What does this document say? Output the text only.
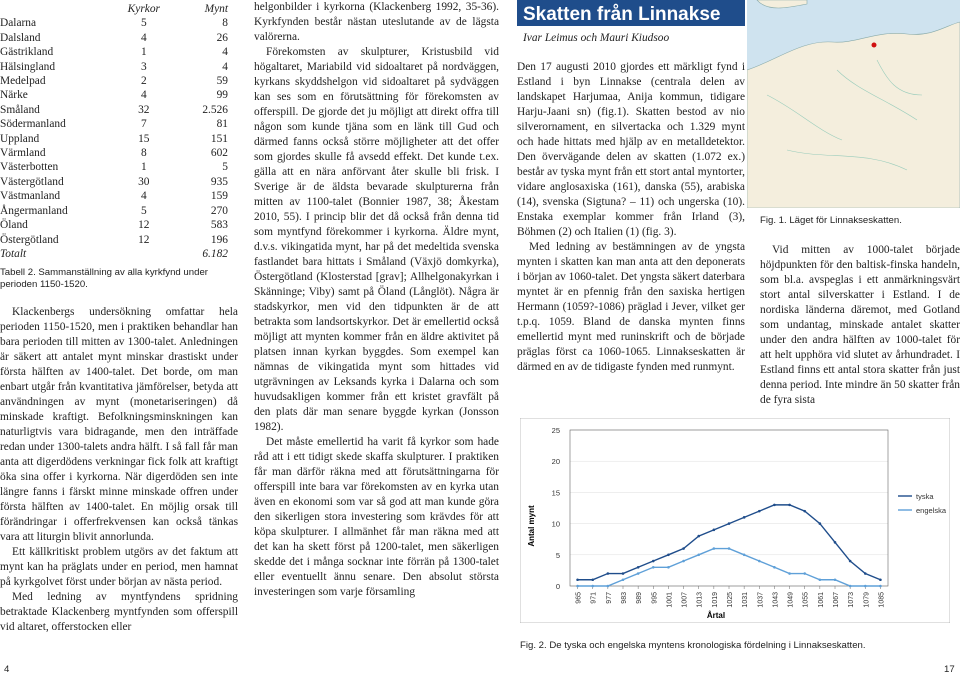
	Kyrkor	Mynt
Dalarna	5	8
Dalsland	4	26
Gästrikland	1	4
Hälsingland	3	4
Medelpad	2	59
Närke	4	99
Småland	32	2.526
Södermanland	7	81
Uppland	15	151
Värmland	8	602
Västerbotten	1	5
Västergötland	30	935
Västmanland	4	159
Ångermanland	5	270
Öland	12	583
Östergötland	12	196
Totalt		6.182
Tabell 2. Sammanställning av alla kyrkfynd under perioden 1150-1520.

Klackenbergs undersökning omfattar hela perioden 1150-1520, men i praktiken behandlar han bara perioden till mitten av 1300-talet. Anledningen är säkert att antalet mynt minskar drastiskt under första hälften av 1400-talet. Det borde, om man enbart utgår från kvantitativa jämförelser, betyda att användningen av mynt (monetariseringen) då minskade kraftigt. Befolkningsminskningen kan naturligtvis vara bidragande, men den inträffade redan under 1300-talets andra hälft. I så fall får man anta att digerdödens verkningar fick folk att kraftigt öka sina offer i kyrkorna. När digerdöden sen inte längre fanns i färskt minne minskade offren under första hälften av 1400-talet. En möjlig orsak till förändringar i offerfrekvensen kan också tänkas vara att liturgin blivit annorlunda.

Ett källkritiskt problem utgörs av det faktum att mynt kan ha präglats under en period, men hamnat på kyrkgolvet först under början av nästa period.

Med ledning av myntfyndens spridning betraktade Klackenberg myntfynden som offerspill vid altaret, offerstocken eller

helgonbilder i kyrkorna (Klackenberg 1992, 35-36). Kyrkfynden består nästan uteslutande av de lägsta valörerna.

Förekomsten av skulpturer, Kristusbild vid högaltaret, Mariabild vid sidoaltaret på nordväggen, kyrkans skyddshelgon vid sidoaltaret på sydväggen kan ses som en förutsättning för förekomsten av offerspill. De gjorde det ju möjligt att direkt offra till någon som kunde tjäna som en länk till Gud och därmed fanns också större möjligheter att det offer som gjordes skulle få avsedd effekt. Det kunde t.ex. gälla att en nära anförvant åter skulle bli frisk. I Sverige är de äldsta bevarade skulpturerna från mitten av 1100-talet (Bonnier 1987, 38; Åkestam 2010, 55). I princip blir det då också från denna tid som myntfynd förekommer i kyrkorna. Äldre mynt, d.v.s. vikingatida mynt, har på det medeltida svenska fastlandet bara hittats i Småland (Växjö domkyrka), Östergötland (Klosterstad [grav]; Allhelgonakyrkan i Skänninge; Viby) samt på Öland (Långlöt). Några är stadskyrkor, men vid den tidpunkten är de att betrakta som landsortskyrkor. Det är emellertid också möjligt att mynten kommer från en äldre aktivitet på platsen innan kyrkan byggdes. Som exempel kan nämnas de vikingatida mynt som hittades vid utgrävningen av Leksands kyrka i Dalarna och som huvudsakligen kommer från ett kristet gravfält på den plats där man senare byggde kyrkan (Jonsson 1982).

Det måste emellertid ha varit få kyrkor som hade råd att i ett tidigt skede skaffa skulpturer. I praktiken får man därför räkna med att förutsättningarna för offerspill inte bara var förekomsten av en kyrka utan även en ekonomi som var så god att man kunde göra den sikerligen stora investering som krävdes för att köpa skulpturer. I allmänhet får man räkna med att det kan ha skett först på 1200-talet, men säkerligen skedde det i många socknar inte förrän på 1300-talet eller eventuellt ännu senare. Den absolut största investeringen som varje församling

Skatten från Linnakse
Ivar Leimus och Mauri Kiudsoo

Den 17 augusti 2010 gjordes ett märkligt fynd i Estland i byn Linnakse (centrala delen av landskapet Harjumaa, Anija kommun, tidigare Harju-Jaani sn) (fig.1). Skatten bestod av nio silverornament, en silvertacka och 1.329 mynt och hade hittats med hjälp av en metalldetektor. Den övervägande delen av skatten (1.072 ex.) består av tyska mynt från ett stort antal myntorter, vidare anglosaxiska (161), danska (55), arabiska (14), svenska (Sigtuna? – 11) och ungerska (10). Enstaka exemplar kommer från Irland (3), Böhmen (2) och Italien (1) (fig. 3).

Med ledning av bestämningen av de yngsta mynten i skatten kan man anta att den deponerats i början av 1060-talet. Det yngsta säkert daterbara myntet är en pfennig från den saxiska hertigen Hermann (1059?-1086) präglad i Jever, vilket ger t.p.q. 1059. Bland de danska mynten finns emellertid mynt med runinskrift och de började präglas först ca 1060-1065. Linnakseskatten är därmed en av de tidigaste fynden med runmynt.

Fig. 1. Läget för Linnakseskatten.

Vid mitten av 1000-talet började höjdpunkten för den baltisk-finska handeln, som bl.a. avspeglas i ett anmärkningsvärt stort antal silverskatter i Estland. I de nordiska länderna däremot, med Gotland som undantag, minskade antalet skatter under den andra hälften av 1000-talet för att helt upphöra vid slutet av århundradet. I Estland finns ett antal stora skatter från just denna period. Inte mindre än 50 skatter från de fyra sista

0
5
10
15
20
25
965 971 977 983 989 995 1001 1007 1013 1019 1025 1031 1037 1043 1049 1055 1061 1067 1073 1079 1085
Antal mynt
Årtal
tyska
engelska
Fig. 2. De tyska och engelska myntens kronologiska fördelning i Linnakseskatten.
4	17
